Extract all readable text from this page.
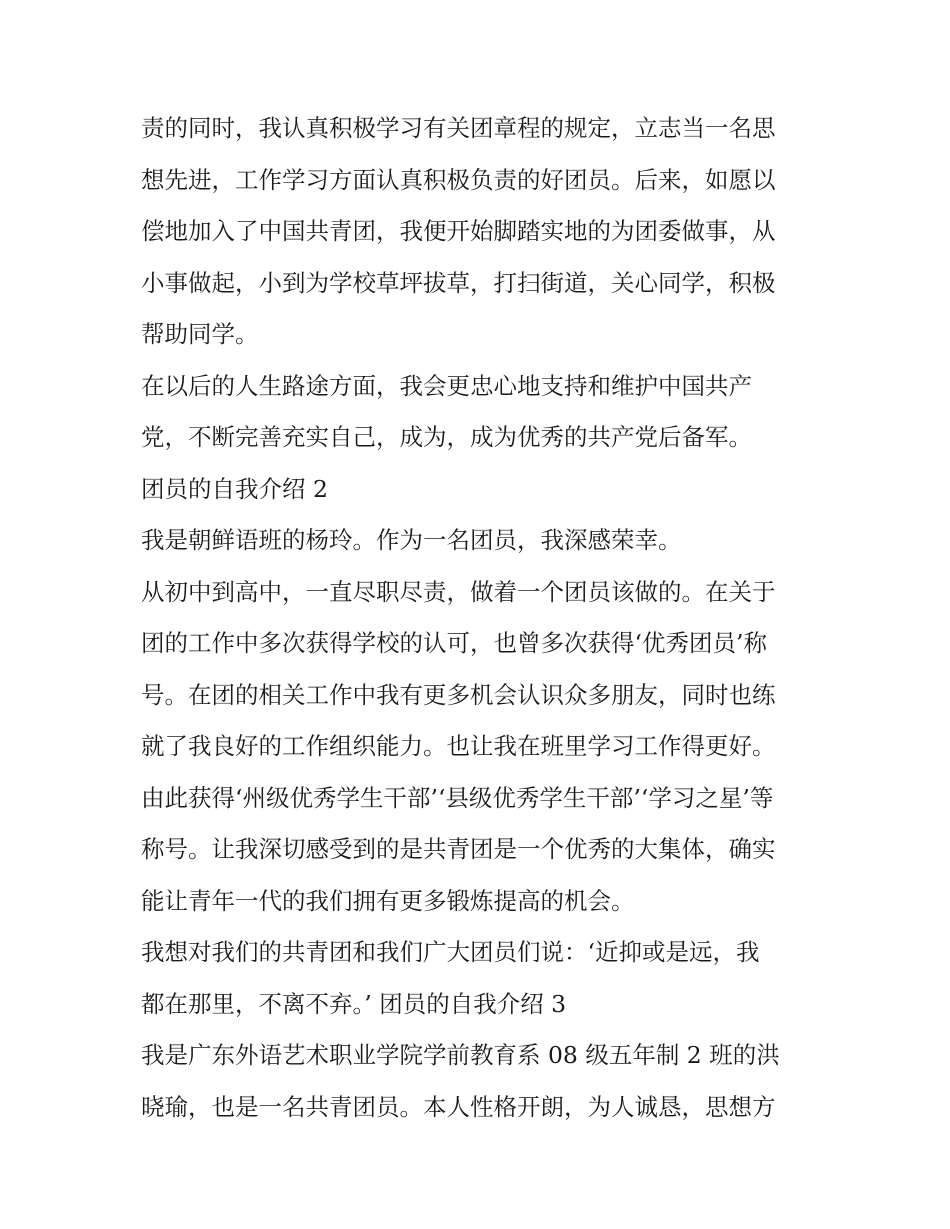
责的同时，我认真积极学习有关团章程的规定，立志当一名思
想先进，工作学习方面认真积极负责的好团员。后来，如愿以
偿地加入了中国共青团，我便开始脚踏实地的为团委做事，从
小事做起，小到为学校草坪拔草，打扫街道，关心同学，积极
帮助同学。
在以后的人生路途方面，我会更忠心地支持和维护中国共产
党，不断完善充实自己，成为，成为优秀的共产党后备军。
团员的自我介绍 2
我是朝鲜语班的杨玲。作为一名团员，我深感荣幸。
从初中到高中，一直尽职尽责，做着一个团员该做的。在关于
团的工作中多次获得学校的认可，也曾多次获得‘优秀团员’称
号。在团的相关工作中我有更多机会认识众多朋友，同时也练
就了我良好的工作组织能力。也让我在班里学习工作得更好。
由此获得‘州级优秀学生干部’‘县级优秀学生干部’‘学习之星’等
称号。让我深切感受到的是共青团是一个优秀的大集体，确实
能让青年一代的我们拥有更多锻炼提高的机会。
我想对我们的共青团和我们广大团员们说：‘近抑或是远，我
都在那里，不离不弃。’ 团员的自我介绍 3
我是广东外语艺术职业学院学前教育系 08 级五年制 2 班的洪
晓瑜，也是一名共青团员。本人性格开朗，为人诚恳，思想方
